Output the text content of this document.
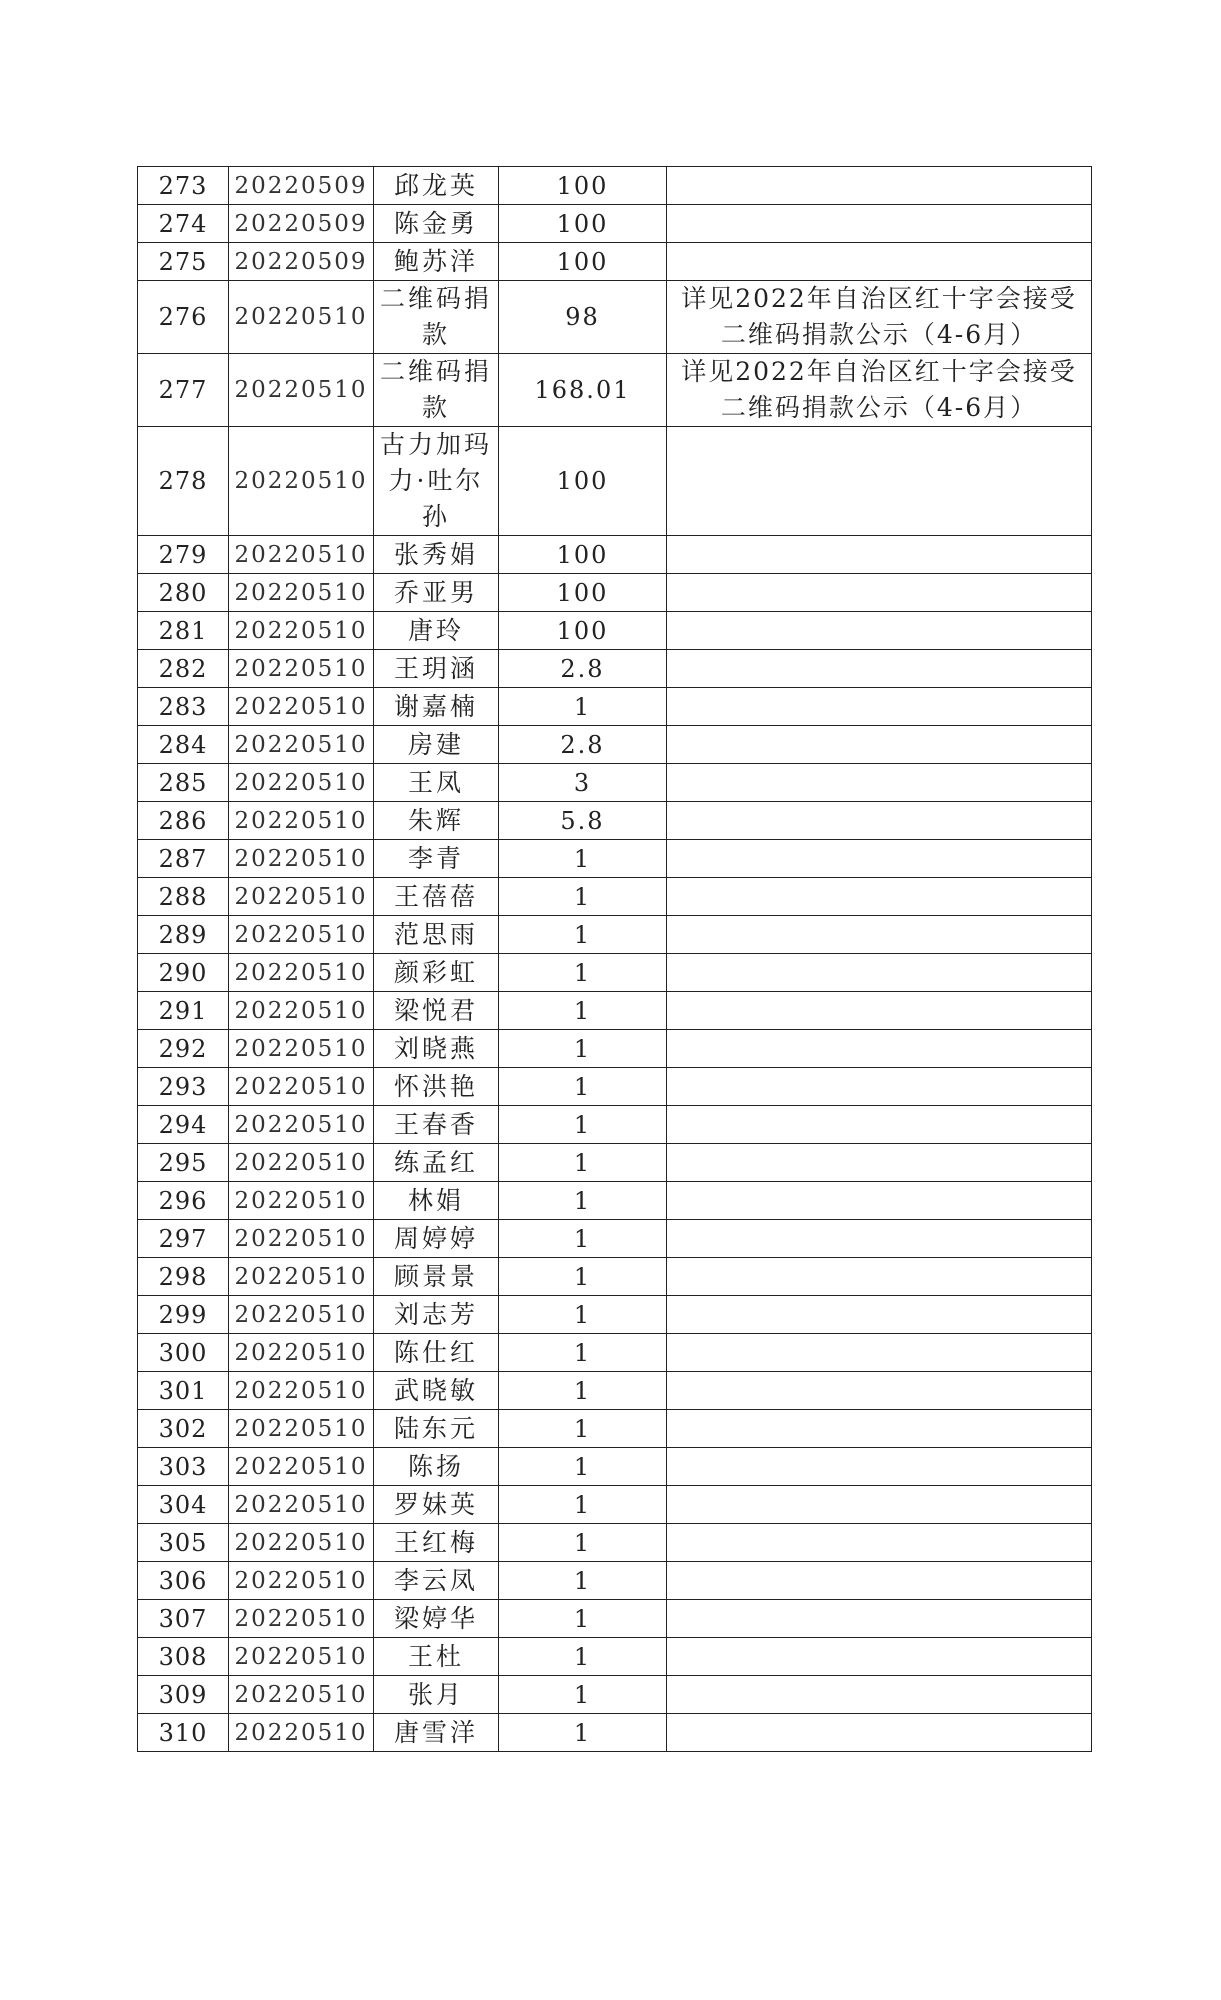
273	20220509	邱龙英	100	
274	20220509	陈金勇	100	
275	20220509	鲍苏洋	100	
276	20220510	二维码捐款	98	详见2022年自治区红十字会接受二维码捐款公示（4-6月）
277	20220510	二维码捐款	168.01	详见2022年自治区红十字会接受二维码捐款公示（4-6月）
278	20220510	古力加玛力·吐尔孙	100	
279	20220510	张秀娟	100	
280	20220510	乔亚男	100	
281	20220510	唐玲	100	
282	20220510	王玥涵	2.8	
283	20220510	谢嘉楠	1	
284	20220510	房建	2.8	
285	20220510	王凤	3	
286	20220510	朱辉	5.8	
287	20220510	李青	1	
288	20220510	王蓓蓓	1	
289	20220510	范思雨	1	
290	20220510	颜彩虹	1	
291	20220510	梁悦君	1	
292	20220510	刘晓燕	1	
293	20220510	怀洪艳	1	
294	20220510	王春香	1	
295	20220510	练孟红	1	
296	20220510	林娟	1	
297	20220510	周婷婷	1	
298	20220510	顾景景	1	
299	20220510	刘志芳	1	
300	20220510	陈仕红	1	
301	20220510	武晓敏	1	
302	20220510	陆东元	1	
303	20220510	陈扬	1	
304	20220510	罗妹英	1	
305	20220510	王红梅	1	
306	20220510	李云凤	1	
307	20220510	梁婷华	1	
308	20220510	王杜	1	
309	20220510	张月	1	
310	20220510	唐雪洋	1	
